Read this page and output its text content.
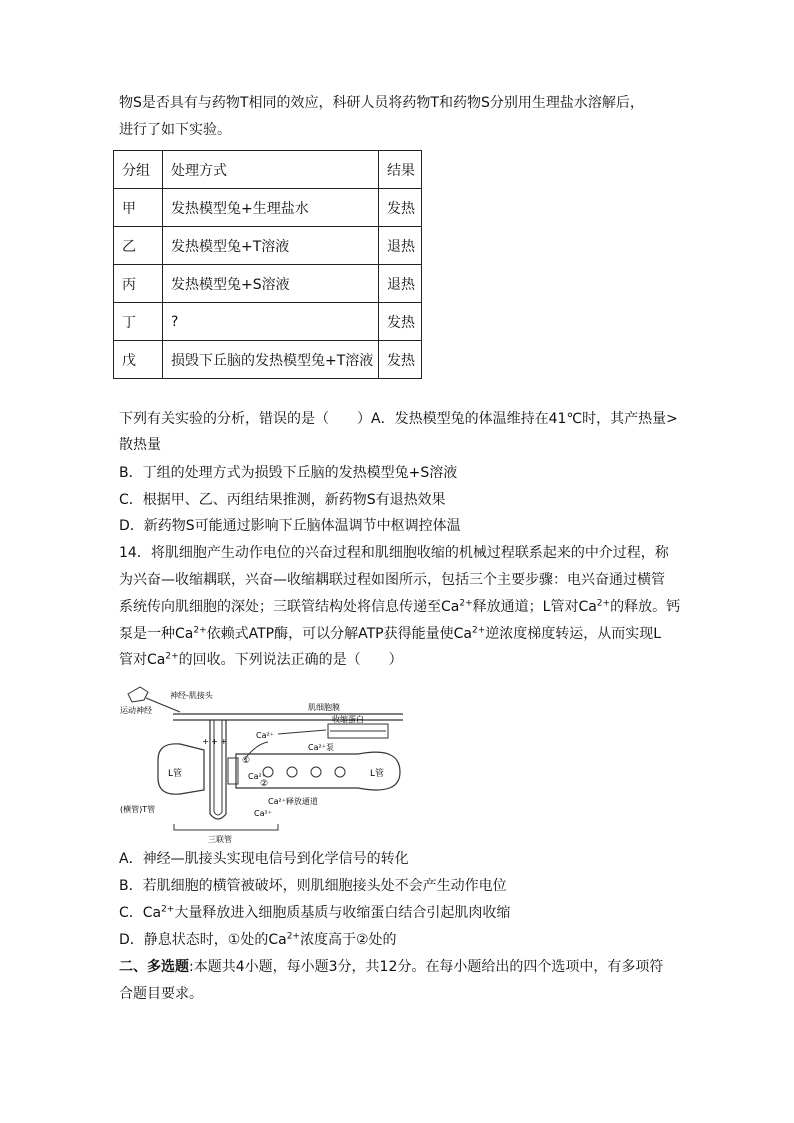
物S是否具有与药物T相同的效应，科研人员将药物T和药物S分别用生理盐水溶解后，
进行了如下实验。
分组	处理方式	结果
甲	发热模型兔+生理盐水	发热
乙	发热模型兔+T溶液	退热
丙	发热模型兔+S溶液	退热
丁	?	发热
戊	损毁下丘脑的发热模型兔+T溶液	发热
下列有关实验的分析，错误的是（　　）A．发热模型兔的体温维持在41℃时，其产热量>
散热量
B．丁组的处理方式为损毁下丘脑的发热模型兔+S溶液
C．根据甲、乙、丙组结果推测，新药物S有退热效果
D．新药物S可能通过影响下丘脑体温调节中枢调控体温
14．将肌细胞产生动作电位的兴奋过程和肌细胞收缩的机械过程联系起来的中介过程，称
为兴奋—收缩耦联，兴奋—收缩耦联过程如图所示，包括三个主要步骤：电兴奋通过横管
系统传向肌细胞的深处；三联管结构处将信息传递至$Ca^{2+}$释放通道；L管对$Ca^{2+}$的释放。钙
泵是一种$Ca^{2+}$依赖式ATP酶，可以分解ATP获得能量使$Ca^{2+}$逆浓度梯度转运，从而实现L
管对$Ca^{2+}$的回收。下列说法正确的是（　　）
运动神经
神经-肌接头
肌细胞膜
+ + +
(横管)T管
L管	L管
①
Ca²⁺
②
收缩蛋白
Ca²⁺
Ca²⁺泵
Ca²⁺释放通道
Ca²⁺
三联管
A．神经—肌接头实现电信号到化学信号的转化
B．若肌细胞的横管被破坏，则肌细胞接头处不会产生动作电位
C．$Ca^{2+}$大量释放进入细胞质基质与收缩蛋白结合引起肌肉收缩
D．静息状态时，①处的$Ca^{2+}$浓度高于②处的
二、多选题:本题共4小题，每小题3分，共12分。在每小题给出的四个选项中，有多项符
合题目要求。
